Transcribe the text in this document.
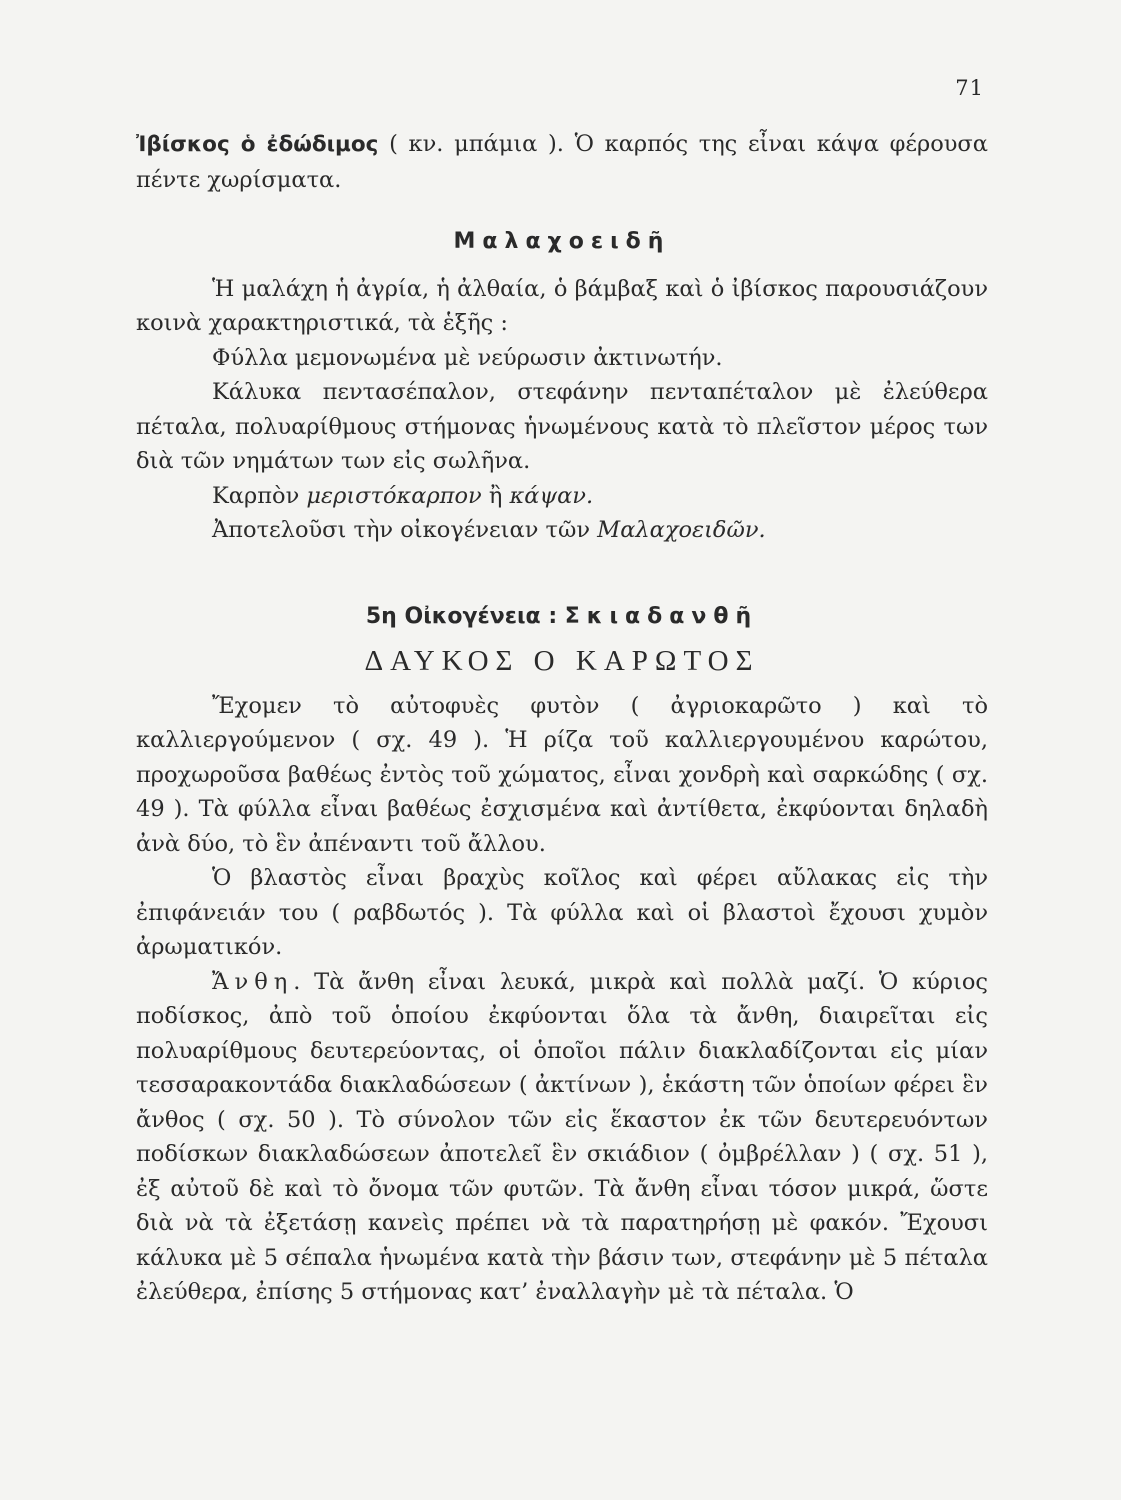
71

Ἰβίσκος ὁ ἐδώδιμος ( κν. μπάμια ). Ὁ καρπός της εἶναι κάψα φέρουσα πέντε χωρίσματα.

Μαλαχοειδῆ

Ἡ μαλάχη ἡ ἀγρία, ἡ ἀλθαία, ὁ βάμβαξ καὶ ὁ ἰβίσκος παρουσιάζουν κοινὰ χαρακτηριστικά, τὰ ἑξῆς :

Φύλλα μεμονωμένα μὲ νεύρωσιν ἀκτινωτήν.

Κάλυκα πεντασέπαλον, στεφάνην πενταπέταλον μὲ ἐλεύθερα πέταλα, πολυαρίθμους στήμονας ἡνωμένους κατὰ τὸ πλεῖστον μέρος των διὰ τῶν νημάτων των εἰς σωλῆνα.

Καρπὸν μεριστόκαρπον ἢ κάψαν.

Ἀποτελοῦσι τὴν οἰκογένειαν τῶν Μαλαχοειδῶν.

5η Οἰκογένεια : Σκιαδανθῆ
ΔΑΥΚΟΣ Ο ΚΑΡΩΤΟΣ

Ἔχομεν τὸ αὐτοφυὲς φυτὸν ( ἀγριοκαρῶτο ) καὶ τὸ καλλιεργούμενον ( σχ. 49 ). Ἡ ρίζα τοῦ καλλιεργουμένου καρώτου, προχωροῦσα βαθέως ἐντὸς τοῦ χώματος, εἶναι χονδρὴ καὶ σαρκώδης ( σχ. 49 ). Τὰ φύλλα εἶναι βαθέως ἐσχισμένα καὶ ἀντίθετα, ἐκφύονται δηλαδὴ ἀνὰ δύο, τὸ ἓν ἀπέναντι τοῦ ἄλλου.

Ὁ βλαστὸς εἶναι βραχὺς κοῖλος καὶ φέρει αὔλακας εἰς τὴν ἐπιφάνειάν του ( ραβδωτός ). Τὰ φύλλα καὶ οἱ βλαστοὶ ἔχουσι χυμὸν ἀρωματικόν.

Ἄνθη. Τὰ ἄνθη εἶναι λευκά, μικρὰ καὶ πολλὰ μαζί. Ὁ κύριος ποδίσκος, ἀπὸ τοῦ ὁποίου ἐκφύονται ὅλα τὰ ἄνθη, διαιρεῖται εἰς πολυαρίθμους δευτερεύοντας, οἱ ὁποῖοι πάλιν διακλαδίζονται εἰς μίαν τεσσαρακοντάδα διακλαδώσεων ( ἀκτίνων ), ἑκάστη τῶν ὁποίων φέρει ἓν ἄνθος ( σχ. 50 ). Τὸ σύνολον τῶν εἰς ἕκαστον ἐκ τῶν δευτερευόντων ποδίσκων διακλαδώσεων ἀποτελεῖ ἓν σκιάδιον ( ὀμβρέλλαν ) ( σχ. 51 ), ἐξ αὐτοῦ δὲ καὶ τὸ ὄνομα τῶν φυτῶν. Τὰ ἄνθη εἶναι τόσον μικρά, ὥστε διὰ νὰ τὰ ἐξετάσῃ κανεὶς πρέπει νὰ τὰ παρατηρήσῃ μὲ φακόν. Ἔχουσι κάλυκα μὲ 5 σέπαλα ἡνωμένα κατὰ τὴν βάσιν των, στεφάνην μὲ 5 πέταλα ἐλεύθερα, ἐπίσης 5 στήμονας κατ’ ἐναλλαγὴν μὲ τὰ πέταλα. Ὁ
